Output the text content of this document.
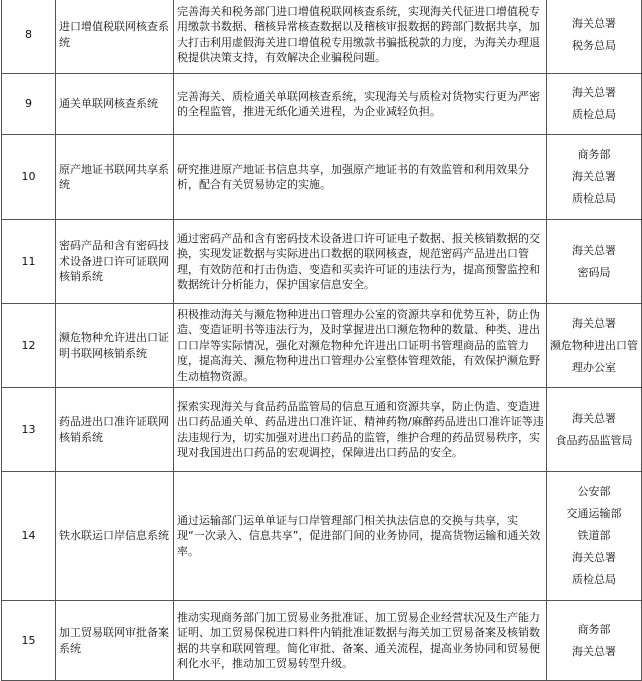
8	进口增值税联网核查系统	完善海关和税务部门进口增值税联网核查系统，实现海关代征进口增值税专用缴款书数据、稽核异常核查数据以及稽核审报数据的跨部门数据共享，加大打击利用虚假海关进口增值税专用缴款书骗抵税款的力度，为海关办理退税提供决策支持，有效解决企业骗税问题。	海关总署
税务总局

9	通关单联网核查系统	完善海关、质检通关单联网核查系统，实现海关与质检对货物实行更为严密的全程监管，推进无纸化通关进程，为企业减轻负担。	海关总署
质检总局

10	原产地证书联网共享系统	研究推进原产地证书信息共享，加强原产地证书的有效监管和利用效果分析，配合有关贸易协定的实施。	商务部
海关总署
质检总局

11	密码产品和含有密码技术设备进口许可证联网核销系统	通过密码产品和含有密码技术设备进口许可证电子数据、报关核销数据的交换，实现发证数据与实际进出口数据的联网核查，规范密码产品进出口管理，有效防范和打击伪造、变造和买卖许可证的违法行为，提高预警监控和数据统计分析能力，保护国家信息安全。	海关总署
密码局

12	濒危物种允许进出口证明书联网核销系统	积极推动海关与濒危物种进出口管理办公室的资源共享和优势互补，防止伪造、变造证明书等违法行为，及时掌握进出口濒危物种的数量、种类、进出口口岸等实际情况，强化对濒危物种允许进出口证明书管理商品的监管力度，提高海关、濒危物种进出口管理办公室整体管理效能，有效保护濒危野生动植物资源。	海关总署
濒危物种进出口管理办公室

13	药品进出口准许证联网核销系统	探索实现海关与食品药品监管局的信息互通和资源共享，防止伪造、变造进出口药品通关单、药品进出口准许证、精神药物/麻醉药品进出口准许证等违法违规行为，切实加强对进出口药品的监管，维护合理的药品贸易秩序，实现对我国进出口药品的宏观调控，保障进出口药品的安全。	海关总署
食品药品监管局

14	铁水联运口岸信息系统	通过运输部门运单单证与口岸管理部门相关执法信息的交换与共享，实现“一次录入、信息共享”，促进部门间的业务协同，提高货物运输和通关效率。	公安部
交通运输部
铁道部
海关总署
质检总局

15	加工贸易联网审批备案系统	推动实现商务部门加工贸易业务批准证、加工贸易企业经营状况及生产能力证明、加工贸易保税进口料件内销批准证数据与海关加工贸易备案及核销数据的共享和联网管理。简化审批、备案、通关流程，提高业务协同和贸易便利化水平，推动加工贸易转型升级。	商务部
海关总署
